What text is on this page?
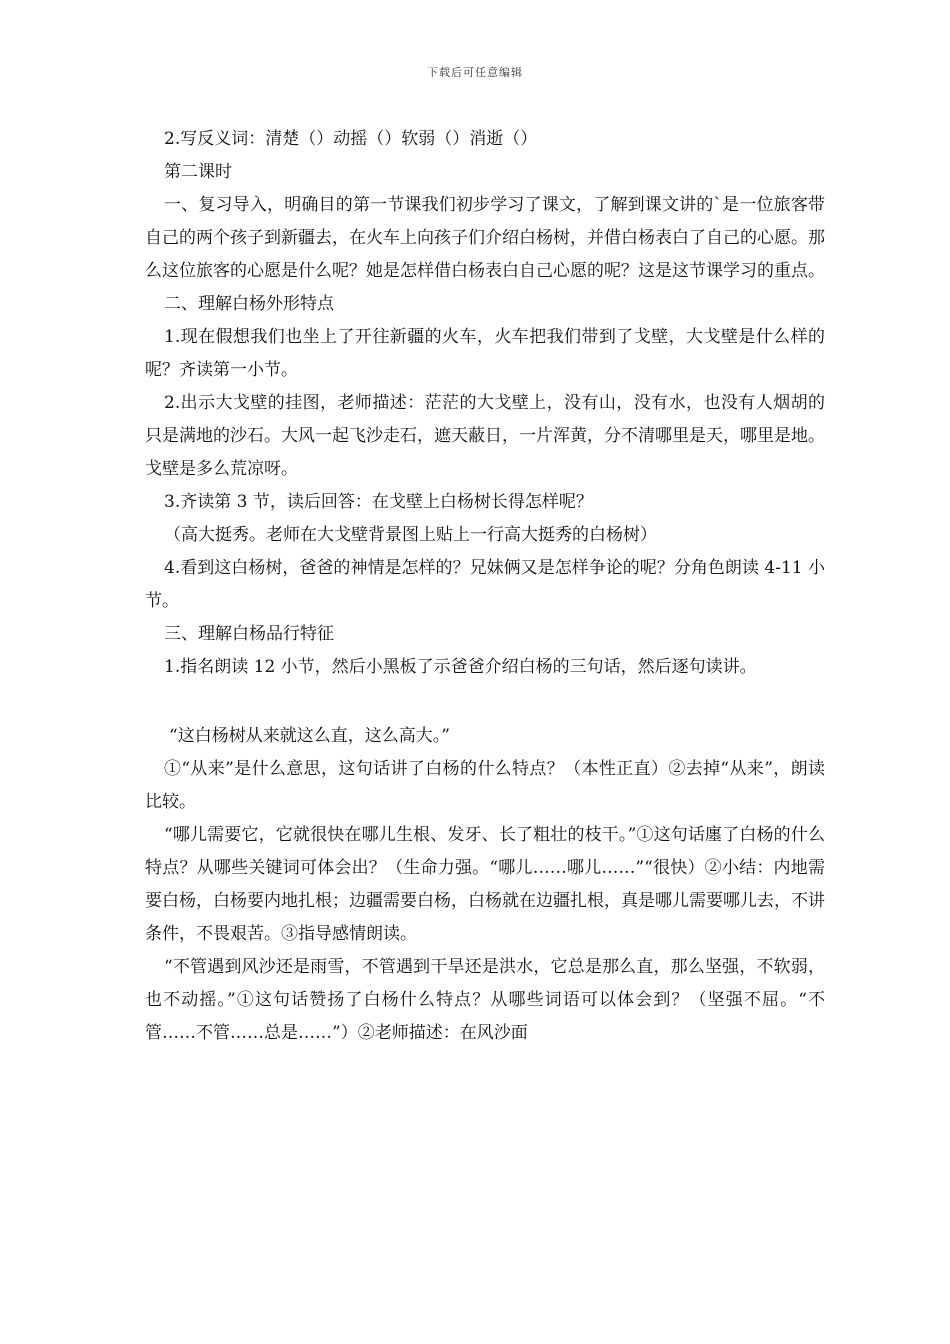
下载后可任意编辑

2.写反义词：清楚（）动摇（）软弱（）消逝（）

第二课时

一、复习导入，明确目的第一节课我们初步学习了课文，了解到课文讲的`是一位旅客带自己的两个孩子到新疆去，在火车上向孩子们介绍白杨树，并借白杨表白了自己的心愿。那么这位旅客的心愿是什么呢？她是怎样借白杨表白自己心愿的呢？这是这节课学习的重点。

二、理解白杨外形特点

1.现在假想我们也坐上了开往新疆的火车，火车把我们带到了戈壁，大戈壁是什么样的呢？齐读第一小节。

2.出示大戈壁的挂图，老师描述：茫茫的大戈壁上，没有山，没有水，也没有人烟胡的只是满地的沙石。大风一起飞沙走石，遮天蔽日，一片浑黄，分不清哪里是天，哪里是地。戈壁是多么荒凉呀。

3.齐读第 3 节，读后回答：在戈壁上白杨树长得怎样呢？

（高大挺秀。老师在大戈壁背景图上贴上一行高大挺秀的白杨树）

4.看到这白杨树，爸爸的神情是怎样的？兄妹俩又是怎样争论的呢？分角色朗读 4-11 小节。

三、理解白杨品行特征

1.指名朗读 12 小节，然后小黑板了示爸爸介绍白杨的三句话，然后逐句读讲。

“这白杨树从来就这么直，这么高大。”

①“从来”是什么意思，这句话讲了白杨的什么特点？（本性正直）②去掉“从来”，朗读比较。

“哪儿需要它，它就很快在哪儿生根、发牙、长了粗壮的枝干。”①这句话廛了白杨的什么特点？从哪些关键词可体会出？（生命力强。“哪儿……哪儿……”“很快）②小结：内地需要白杨，白杨要内地扎根；边疆需要白杨，白杨就在边疆扎根，真是哪儿需要哪儿去，不讲条件，不畏艰苦。③指导感情朗读。

“不管遇到风沙还是雨雪，不管遇到干旱还是洪水，它总是那么直，那么坚强，不软弱，也不动摇。”①这句话赞扬了白杨什么特点？从哪些词语可以体会到？（坚强不屈。“不管……不管……总是……”）②老师描述：在风沙面
